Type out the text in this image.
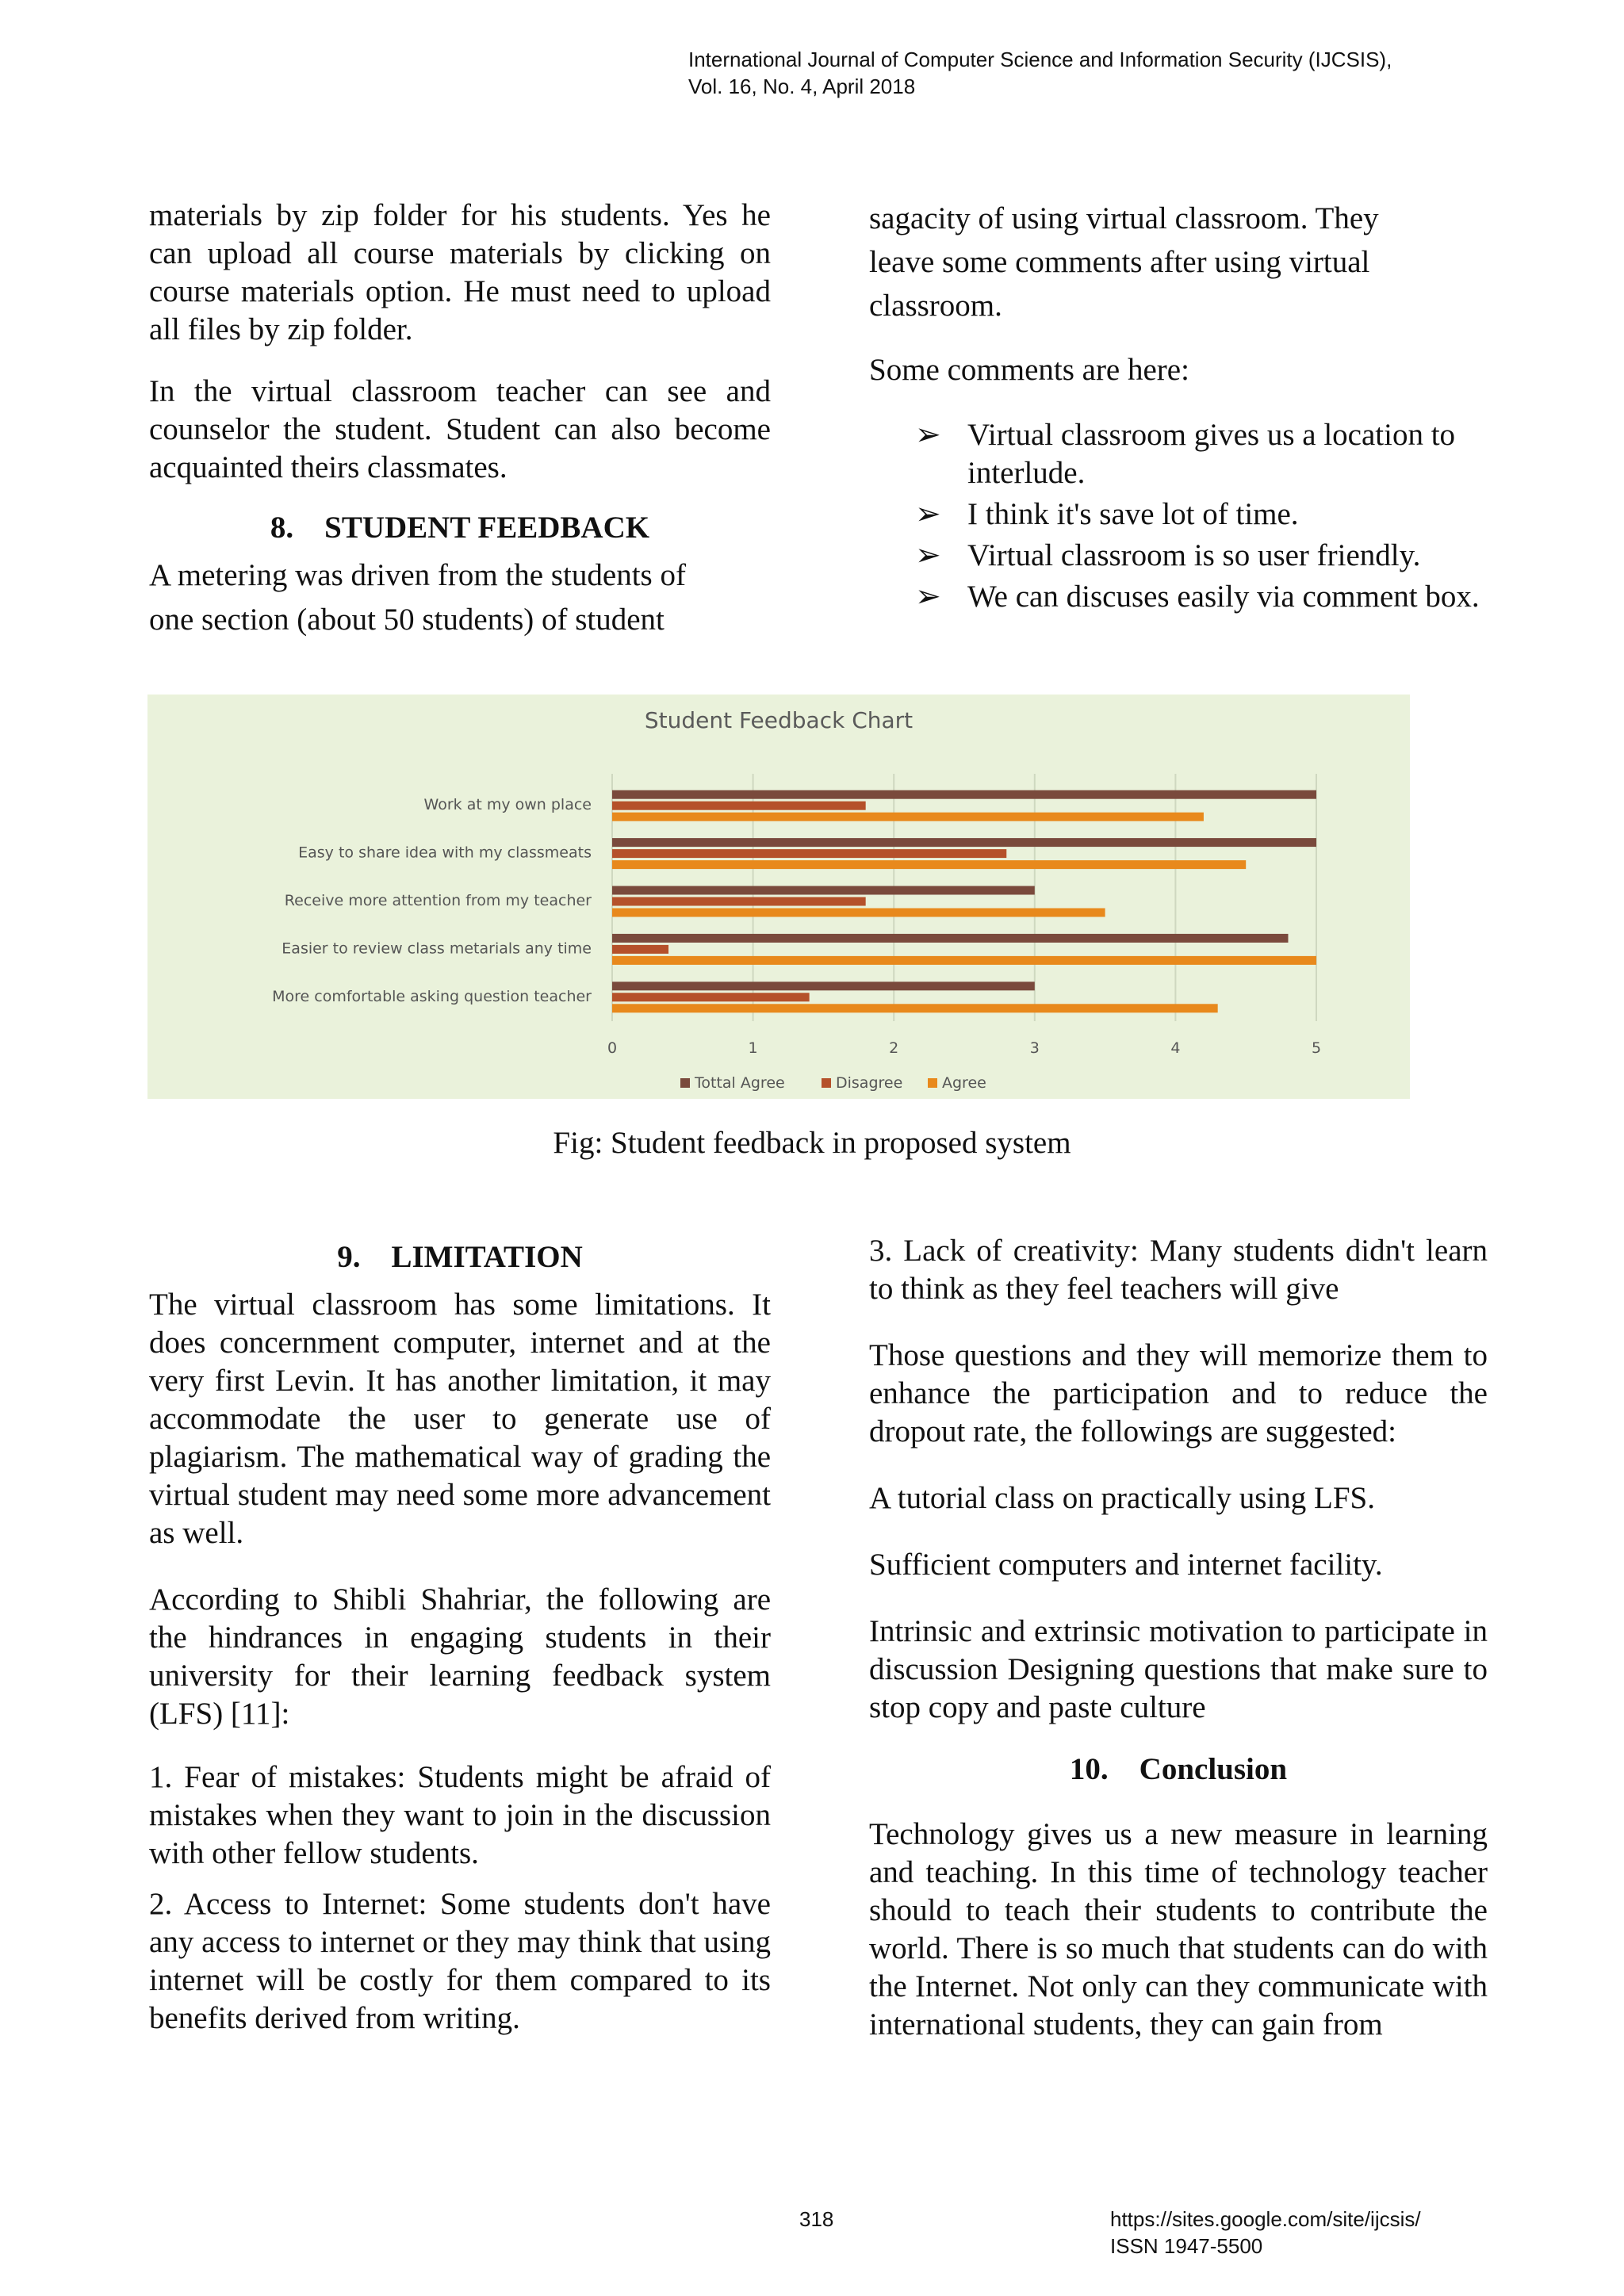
International Journal of Computer Science and Information Security (IJCSIS),
Vol. 16, No. 4, April 2018

materials by zip folder for his students. Yes he can upload all course materials by clicking on course materials option. He must need to upload all files by zip folder.

In the virtual classroom teacher can see and counselor the student. Student can also become acquainted theirs classmates.

8. STUDENT FEEDBACK

A metering was driven from the students of one section (about 50 students) of student

sagacity of using virtual classroom. They leave some comments after using virtual classroom.

Some comments are here:

➢ Virtual classroom gives us a location to interlude.
➢ I think it's save lot of time.
➢ Virtual classroom is so user friendly.
➢ We can discuses easily via comment box.
Student Feedback Chart
Work at my own place
Easy to share idea with my classmeats
Receive more attention from my teacher
Easier to review class metarials any time
More comfortable asking question teacher
0	1	2	3	4	5
Tottal Agree	Disagree	Agree
Fig: Student feedback in proposed system
9. LIMITATION

The virtual classroom has some limitations. It does concernment computer, internet and at the very first Levin. It has another limitation, it may accommodate the user to generate use of plagiarism. The mathematical way of grading the virtual student may need some more advancement as well.

According to Shibli Shahriar, the following are the hindrances in engaging students in their university for their learning feedback system (LFS) [11]:

1. Fear of mistakes: Students might be afraid of mistakes when they want to join in the discussion with other fellow students.

2. Access to Internet: Some students don't have any access to internet or they may think that using internet will be costly for them compared to its benefits derived from writing.

3. Lack of creativity: Many students didn't learn to think as they feel teachers will give

Those questions and they will memorize them to enhance the participation and to reduce the dropout rate, the followings are suggested:

A tutorial class on practically using LFS.

Sufficient computers and internet facility.

Intrinsic and extrinsic motivation to participate in discussion Designing questions that make sure to stop copy and paste culture

10. Conclusion

Technology gives us a new measure in learning and teaching. In this time of technology teacher should to teach their students to contribute the world. There is so much that students can do with the Internet. Not only can they communicate with international students, they can gain from

318	https://sites.google.com/site/ijcsis/
ISSN 1947-5500
